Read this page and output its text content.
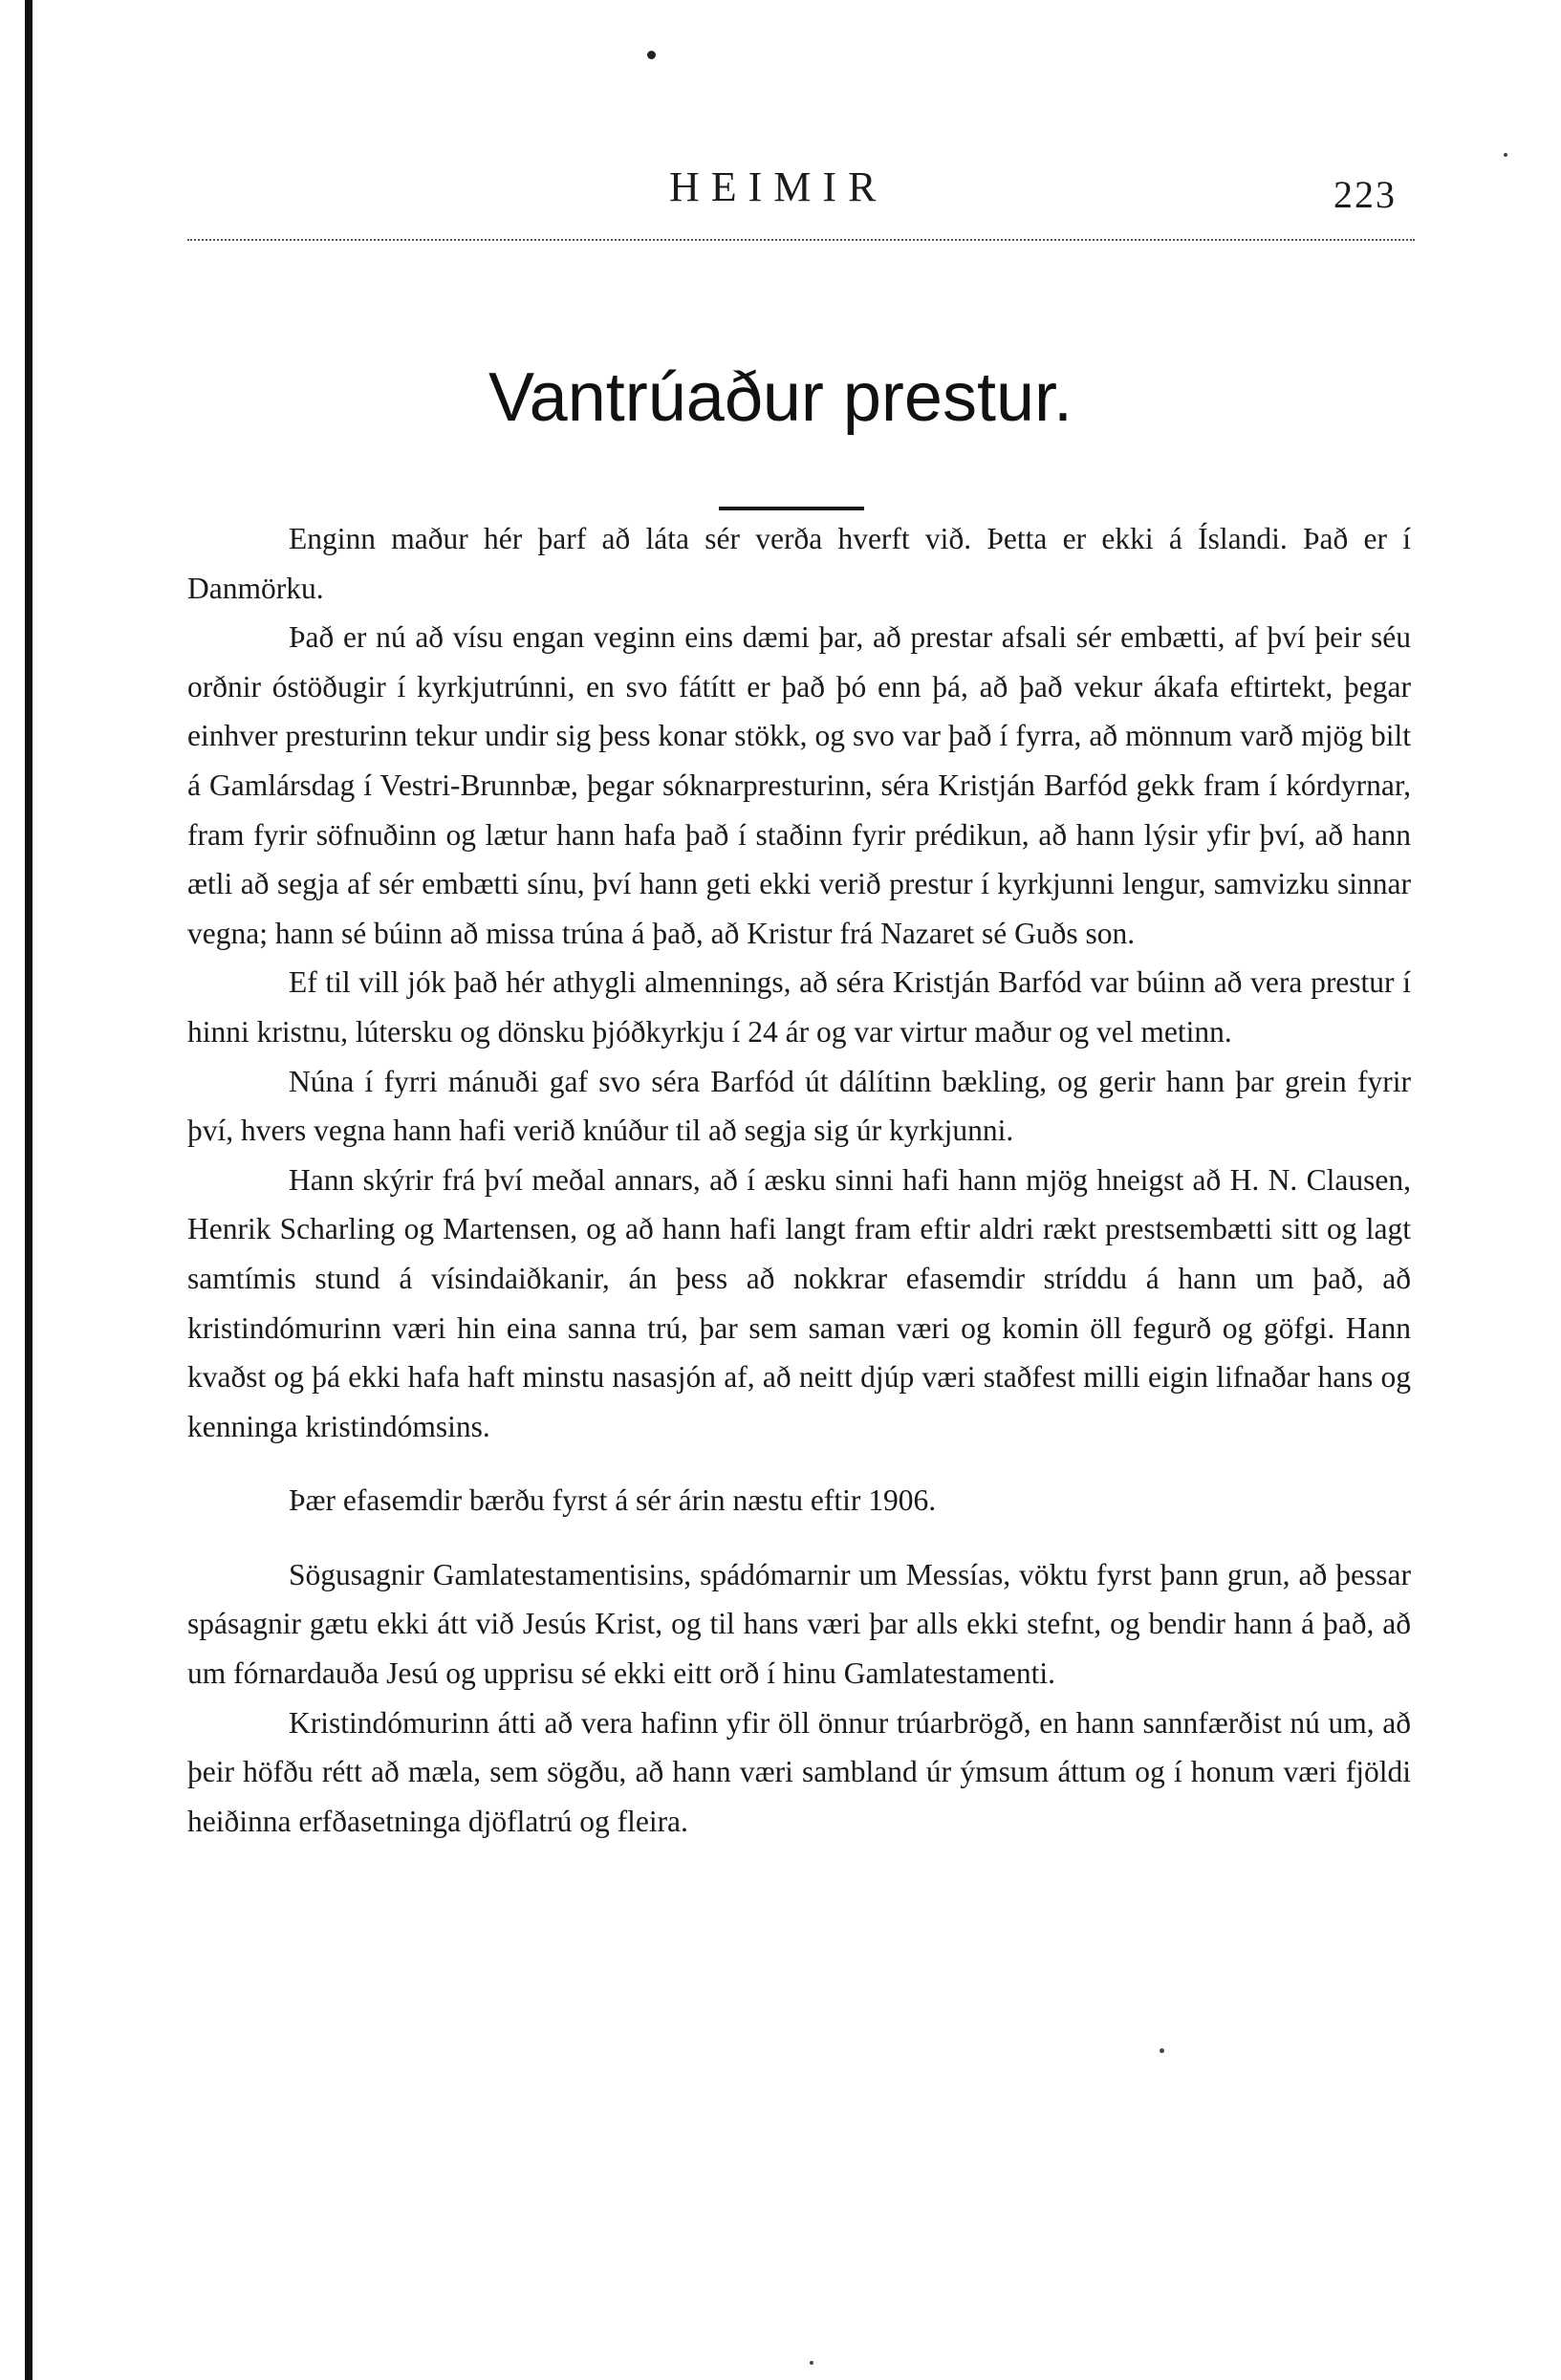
HEIMIR	223
Vantrúaður prestur.

Enginn maður hér þarf að láta sér verða hverft við. Þetta er ekki á Íslandi. Það er í Danmörku.

Það er nú að vísu engan veginn eins dæmi þar, að prestar afsali sér embætti, af því þeir séu orðnir óstöðugir í kyrkjutrúnni, en svo fátítt er það þó enn þá, að það vekur ákafa eftirtekt, þegar einhver presturinn tekur undir sig þess konar stökk, og svo var það í fyrra, að mönnum varð mjög bilt á Gamlársdag í Vestri-Brunnbæ, þegar sóknarpresturinn, séra Kristján Barfód gekk fram í kórdyrnar, fram fyrir söfnuðinn og lætur hann hafa það í staðinn fyrir prédikun, að hann lýsir yfir því, að hann ætli að segja af sér embætti sínu, því hann geti ekki verið prestur í kyrkjunni lengur, samvizku sinnar vegna; hann sé búinn að missa trúna á það, að Kristur frá Nazaret sé Guðs son.

Ef til vill jók það hér athygli almennings, að séra Kristján Barfód var búinn að vera prestur í hinni kristnu, lútersku og dönsku þjóðkyrkju í 24 ár og var virtur maður og vel metinn.

Núna í fyrri mánuði gaf svo séra Barfód út dálítinn bækling, og gerir hann þar grein fyrir því, hvers vegna hann hafi verið knúður til að segja sig úr kyrkjunni.

Hann skýrir frá því meðal annars, að í æsku sinni hafi hann mjög hneigst að H. N. Clausen, Henrik Scharling og Martensen, og að hann hafi langt fram eftir aldri rækt prestsembætti sitt og lagt samtímis stund á vísindaiðkanir, án þess að nokkrar efasemdir stríddu á hann um það, að kristindómurinn væri hin eina sanna trú, þar sem saman væri og komin öll fegurð og göfgi. Hann kvaðst og þá ekki hafa haft minstu nasasjón af, að neitt djúp væri staðfest milli eigin lifnaðar hans og kenninga kristindómsins.

Þær efasemdir bærðu fyrst á sér árin næstu eftir 1906.

Sögusagnir Gamlatestamentisins, spádómarnir um Messías, vöktu fyrst þann grun, að þessar spásagnir gætu ekki átt við Jesús Krist, og til hans væri þar alls ekki stefnt, og bendir hann á það, að um fórnardauða Jesú og upprisu sé ekki eitt orð í hinu Gamlatestamenti.

Kristindómurinn átti að vera hafinn yfir öll önnur trúarbrögð, en hann sannfærðist nú um, að þeir höfðu rétt að mæla, sem sögðu, að hann væri sambland úr ýmsum áttum og í honum væri fjöldi heiðinna erfðasetninga djöflatrú og fleira.
